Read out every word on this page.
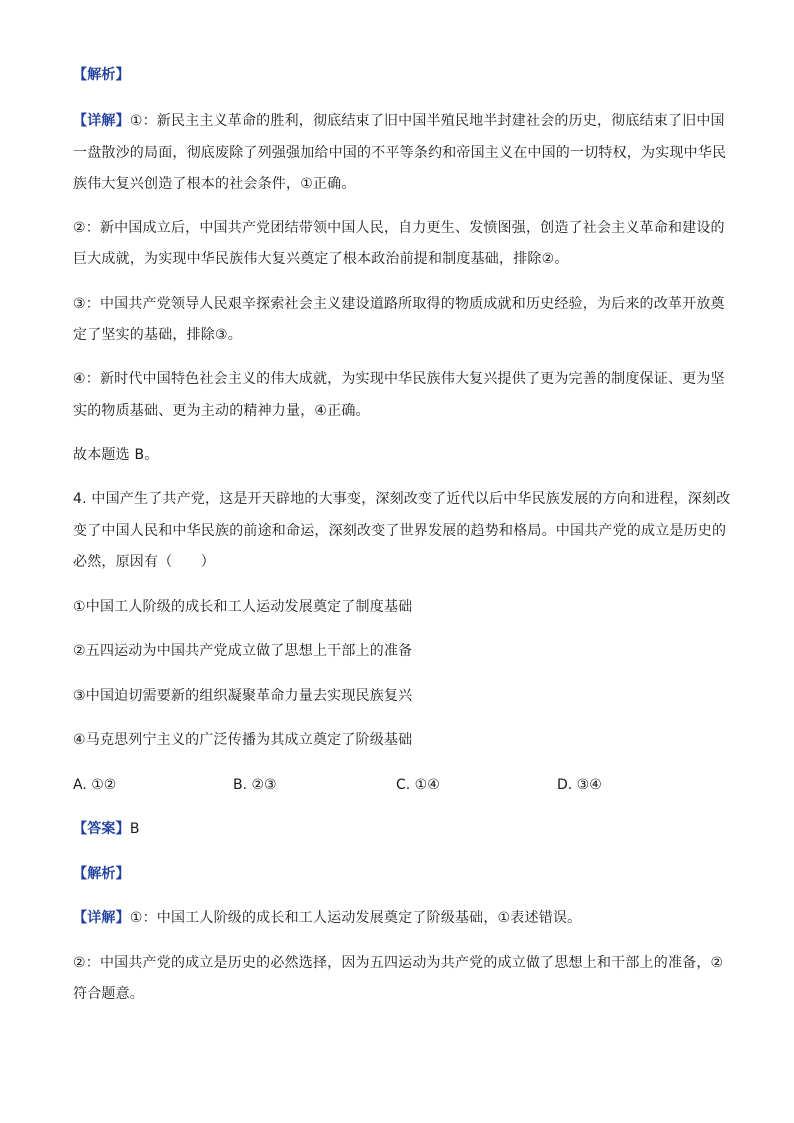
【解析】
【详解】①：新民主主义革命的胜利，彻底结束了旧中国半殖民地半封建社会的历史，彻底结束了旧中国
一盘散沙的局面，彻底废除了列强强加给中国的不平等条约和帝国主义在中国的一切特权，为实现中华民
族伟大复兴创造了根本的社会条件，①正确。
②：新中国成立后，中国共产党团结带领中国人民，自力更生、发愤图强，创造了社会主义革命和建设的
巨大成就，为实现中华民族伟大复兴奠定了根本政治前提和制度基础，排除②。
③：中国共产党领导人民艰辛探索社会主义建设道路所取得的物质成就和历史经验，为后来的改革开放奠
定了坚实的基础，排除③。
④：新时代中国特色社会主义的伟大成就，为实现中华民族伟大复兴提供了更为完善的制度保证、更为坚
实的物质基础、更为主动的精神力量，④正确。
故本题选 B。
4. 中国产生了共产党，这是开天辟地的大事变，深刻改变了近代以后中华民族发展的方向和进程，深刻改
变了中国人民和中华民族的前途和命运，深刻改变了世界发展的趋势和格局。中国共产党的成立是历史的
必然，原因有（　　）
①中国工人阶级的成长和工人运动发展奠定了制度基础
②五四运动为中国共产党成立做了思想上干部上的准备
③中国迫切需要新的组织凝聚革命力量去实现民族复兴
④马克思列宁主义的广泛传播为其成立奠定了阶级基础
A. ①②	B. ②③	C. ①④	D. ③④
【答案】B
【解析】
【详解】①：中国工人阶级的成长和工人运动发展奠定了阶级基础，①表述错误。
②：中国共产党的成立是历史的必然选择，因为五四运动为共产党的成立做了思想上和干部上的准备，②
符合题意。
